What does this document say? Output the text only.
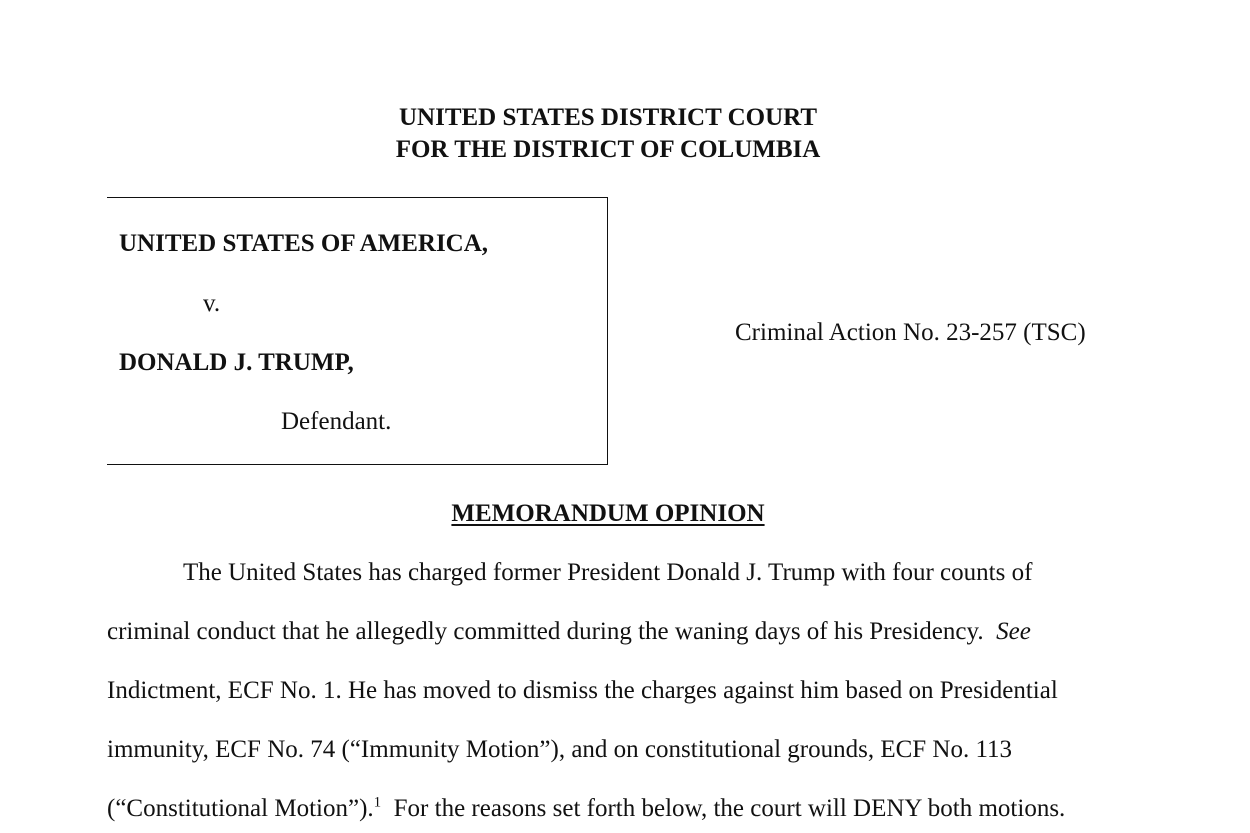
UNITED STATES DISTRICT COURT
FOR THE DISTRICT OF COLUMBIA
UNITED STATES OF AMERICA,
v.
DONALD J. TRUMP,
Defendant.
Criminal Action No. 23-257 (TSC)
MEMORANDUM OPINION
The United States has charged former President Donald J. Trump with four counts of
criminal conduct that he allegedly committed during the waning days of his Presidency.  See
Indictment, ECF No. 1. He has moved to dismiss the charges against him based on Presidential
immunity, ECF No. 74 (“Immunity Motion”), and on constitutional grounds, ECF No. 113
(“Constitutional Motion”).$^1$  For the reasons set forth below, the court will DENY both motions.
